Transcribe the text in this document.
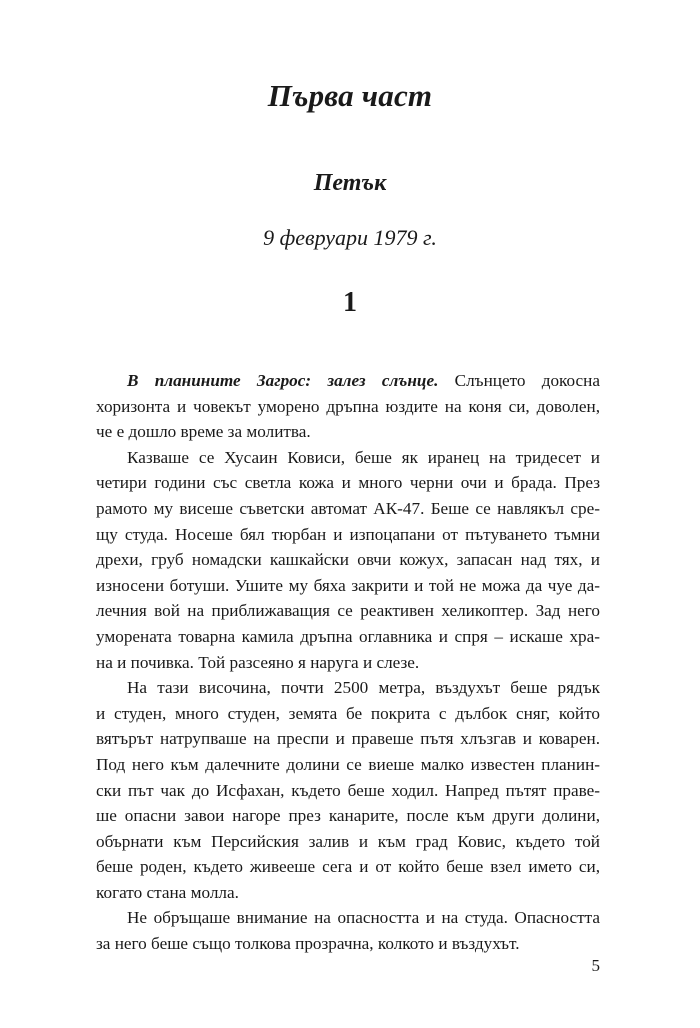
Първа част
Петък
9 февруари 1979 г.
1
В планините Загрос: залез слънце. Слънцето докосна
хоризонта и човекът уморено дръпна юздите на коня си, доволен,
че е дошло време за молитва.
Казваше се Хусаин Ковиси, беше як иранец на тридесет и
четири години със светла кожа и много черни очи и брада. През
рамото му висеше съветски автомат АК-47. Беше се навлякъл сре-
щу студа. Носеше бял тюрбан и изпоцапани от пътуването тъмни
дрехи, груб номадски кашкайски овчи кожух, запасан над тях, и
износени ботуши. Ушите му бяха закрити и той не можа да чуе да-
лечния вой на приближаващия се реактивен хеликоптер. Зад него
уморената товарна камила дръпна оглавника и спря – искаше хра-
на и почивка. Той разсеяно я наруга и слезе.
На тази височина, почти 2500 метра, въздухът беше рядък
и студен, много студен, земята бе покрита с дълбок сняг, който
вятърът натрупваше на преспи и правеше пътя хлъзгав и коварен.
Под него към далечните долини се виеше малко известен планин-
ски път чак до Исфахан, където беше ходил. Напред пътят праве-
ше опасни завои нагоре през канарите, после към други долини,
обърнати към Персийския залив и към град Ковис, където той
беше роден, където живееше сега и от който беше взел името си,
когато стана молла.
Не обръщаше внимание на опасността и на студа. Опасността
за него беше също толкова прозрачна, колкото и въздухът.
5
